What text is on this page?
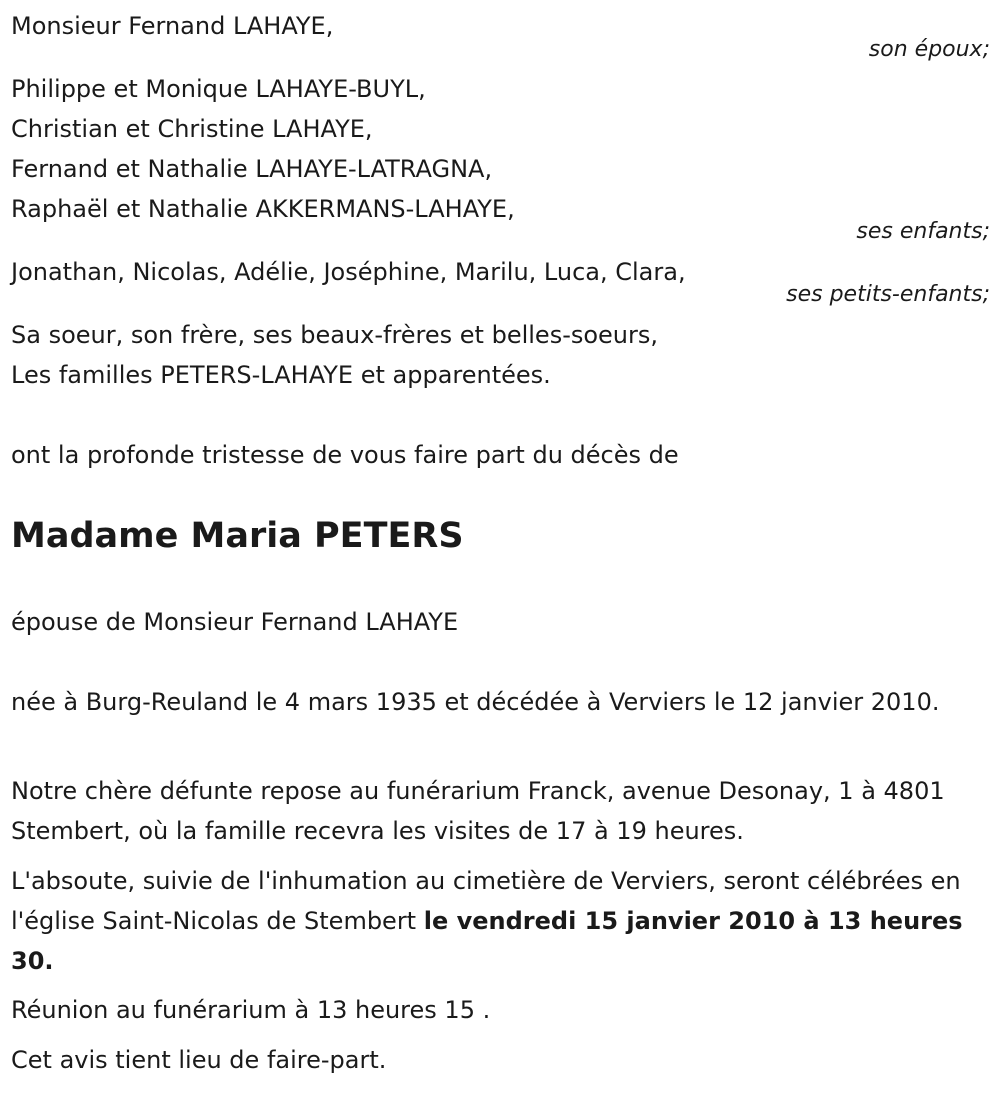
Monsieur Fernand LAHAYE,
son époux;
Philippe et Monique LAHAYE-BUYL,
Christian et Christine LAHAYE,
Fernand et Nathalie LAHAYE-LATRAGNA,
Raphaël et Nathalie AKKERMANS-LAHAYE,
ses enfants;
Jonathan, Nicolas, Adélie, Joséphine, Marilu, Luca, Clara,
ses petits-enfants;
Sa soeur, son frère, ses beaux-frères et belles-soeurs,
Les familles PETERS-LAHAYE et apparentées.
ont la profonde tristesse de vous faire part du décès de
Madame Maria PETERS
épouse de Monsieur Fernand LAHAYE
née à Burg-Reuland le 4 mars 1935 et décédée à Verviers le 12 janvier 2010.
Notre chère défunte repose au funérarium Franck, avenue Desonay, 1 à 4801 Stembert, où la famille recevra les visites de 17 à 19 heures.
L'absoute, suivie de l'inhumation au cimetière de Verviers, seront célébrées en l'église Saint-Nicolas de Stembert le vendredi 15 janvier 2010 à 13 heures 30.
Réunion au funérarium à 13 heures 15 .
Cet avis tient lieu de faire-part.
